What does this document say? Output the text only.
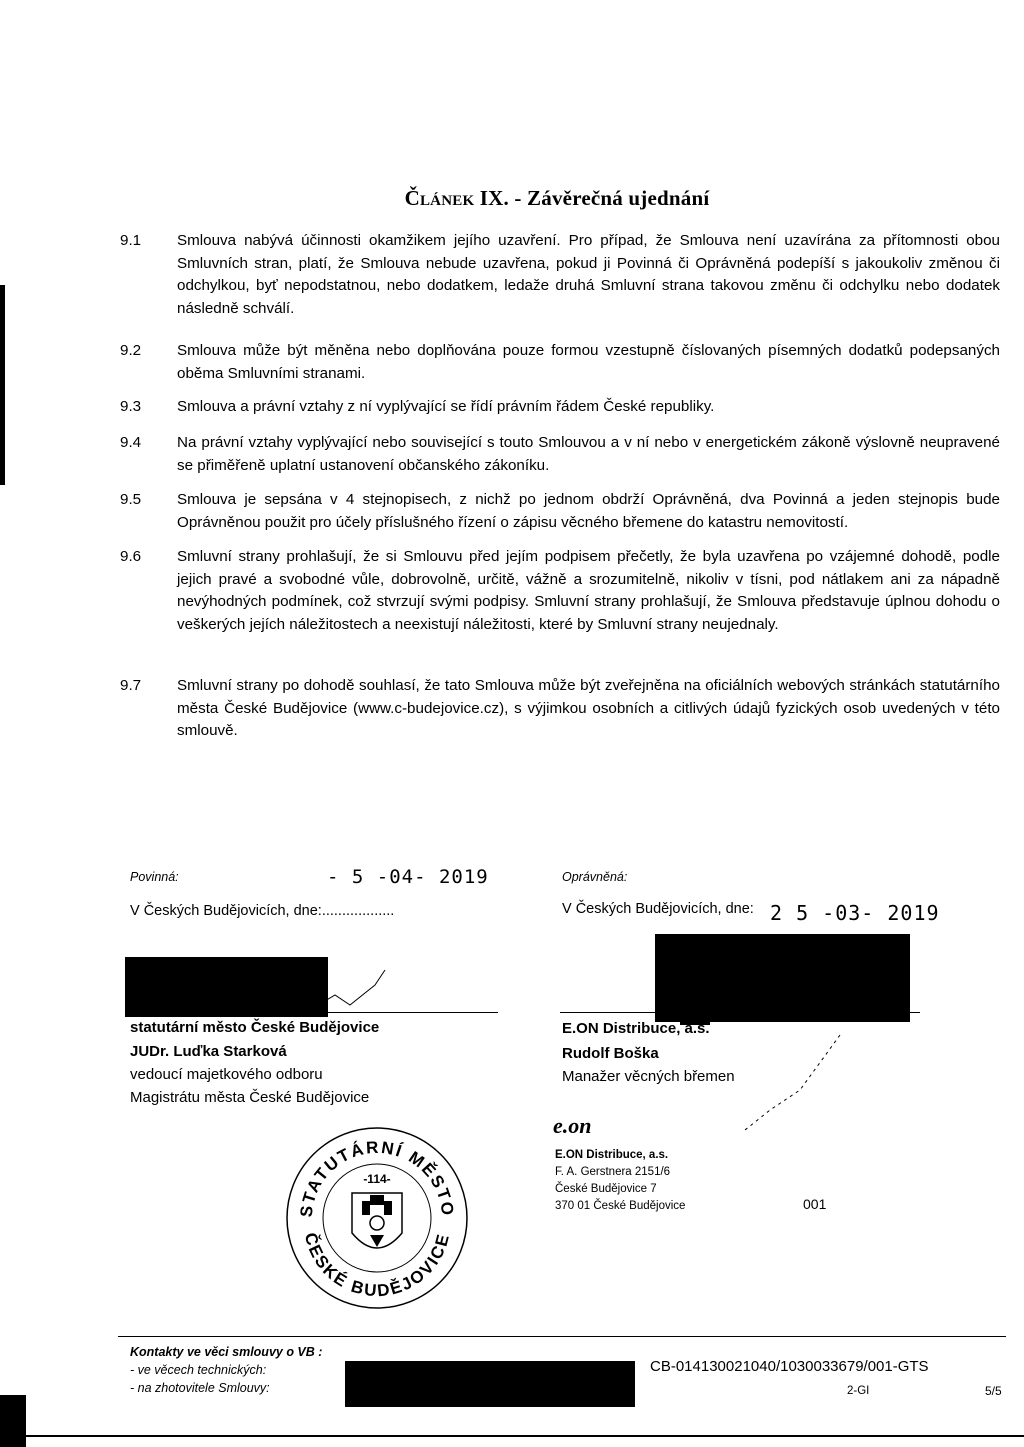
Článek IX. - Závěrečná ujednání
9.1	Smlouva nabývá účinnosti okamžikem jejího uzavření. Pro případ, že Smlouva není uzavírána za přítomnosti obou Smluvních stran, platí, že Smlouva nebude uzavřena, pokud ji Povinná či Oprávněná podepíší s jakoukoliv změnou či odchylkou, byť nepodstatnou, nebo dodatkem, ledaže druhá Smluvní strana takovou změnu či odchylku nebo dodatek následně schválí.
9.2	Smlouva může být měněna nebo doplňována pouze formou vzestupně číslovaných písemných dodatků podepsaných oběma Smluvními stranami.
9.3	Smlouva a právní vztahy z ní vyplývající se řídí právním řádem České republiky.
9.4	Na právní vztahy vyplývající nebo související s touto Smlouvou a v ní nebo v energetickém zákoně výslovně neupravené se přiměřeně uplatní ustanovení občanského zákoníku.
9.5	Smlouva je sepsána v 4 stejnopisech, z nichž po jednom obdrží Oprávněná, dva Povinná a jeden stejnopis bude Oprávněnou použit pro účely příslušného řízení o zápisu věcného břemene do katastru nemovitostí.
9.6	Smluvní strany prohlašují, že si Smlouvu před jejím podpisem přečetly, že byla uzavřena po vzájemné dohodě, podle jejich pravé a svobodné vůle, dobrovolně, určitě, vážně a srozumitelně, nikoliv v tísni, pod nátlakem ani za nápadně nevýhodných podmínek, což stvrzují svými podpisy. Smluvní strany prohlašují, že Smlouva představuje úplnou dohodu o veškerých jejích náležitostech a neexistují náležitosti, které by Smluvní strany neujednaly.
9.7	Smluvní strany po dohodě souhlasí, že tato Smlouva může být zveřejněna na oficiálních webových stránkách statutárního města České Budějovice (www.c-budejovice.cz), s výjimkou osobních a citlivých údajů fyzických osob uvedených v této smlouvě.
Povinná:	- 5 -04- 2019
V Českých Budějovicích, dne:..................
statutární město České Budějovice
JUDr. Luďka Starková
vedoucí majetkového odboru
Magistrátu města České Budějovice
STATUTÁRNÍ MĚSTO
ČESKÉ BUDĚJOVICE
-114-
Oprávněná:
V Českých Budějovicích, dne: 2 5 -03- 2019
E.ON Distribuce, a.s.
Rudolf Boška
Manažer věcných břemen
e.on
E.ON Distribuce, a.s.
F. A. Gerstnera 2151/6
České Budějovice 7
370 01 České Budějovice	001
Kontakty ve věci smlouvy o VB :
- ve věcech technických:
- na zhotovitele Smlouvy:
CB-014130021040/1030033679/001-GTS
2-GI	5/5
